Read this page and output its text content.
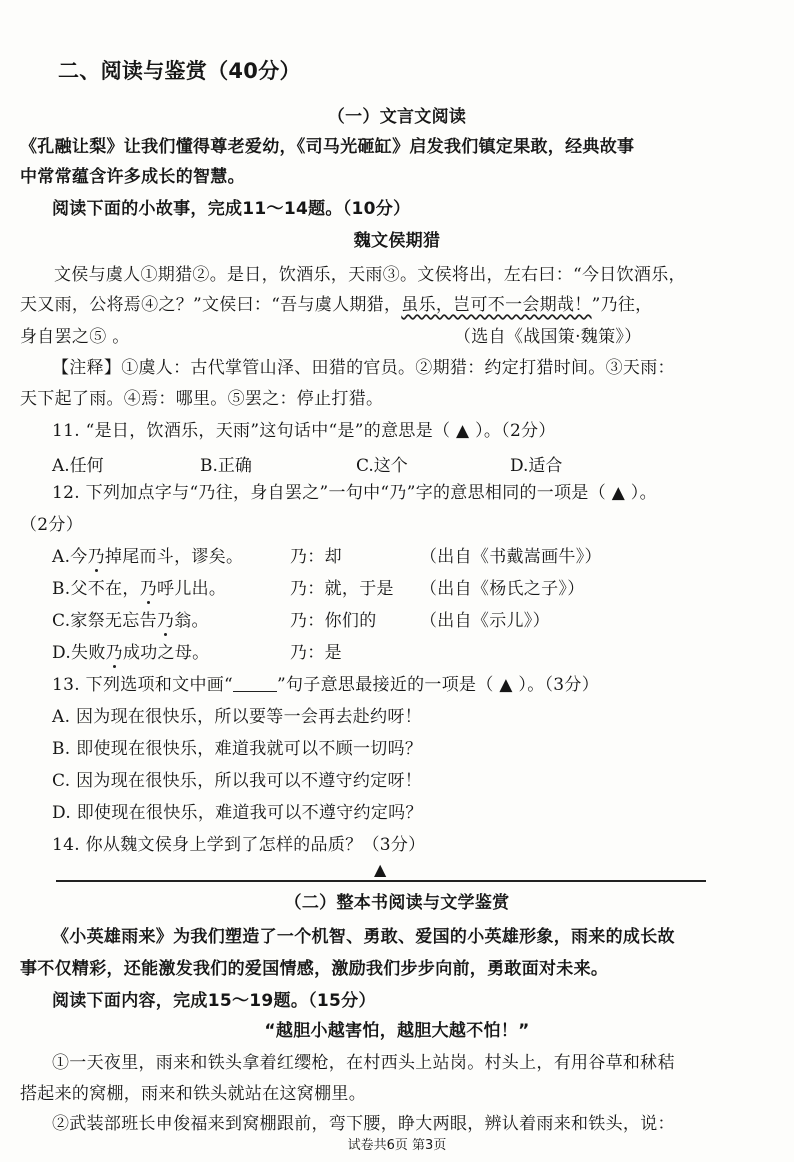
二、阅读与鉴赏（40分）
（一）文言文阅读
《孔融让梨》让我们懂得尊老爱幼，《司马光砸缸》启发我们镇定果敢，经典故事
中常常蕴含许多成长的智慧。
阅读下面的小故事，完成11～14题。（10分）
魏文侯期猎
文侯与虞人①期猎②。是日，饮酒乐，天雨③。文侯将出，左右曰：“今日饮酒乐，
天又雨，公将焉④之？”文侯曰：“吾与虞人期猎，虽乐，岂可不一会期哉！”乃往，
身自罢之⑤ 。	（选自《战国策·魏策》）
【注释】①虞人：古代掌管山泽、田猎的官员。②期猎：约定打猎时间。③天雨：
天下起了雨。④焉：哪里。⑤罢之：停止打猎。
11. “是日，饮酒乐，天雨”这句话中“是”的意思是（ ▲ ）。（2分）
A.任何	B.正确	C.这个	D.适合
12. 下列加点字与“乃往，身自罢之”一句中“乃”字的意思相同的一项是（ ▲ ）。
（2分）
A.今乃掉尾而斗，谬矣。	乃：却	（出自《书戴嵩画牛》）
B.父不在，乃呼儿出。	乃：就，于是 （出自《杨氏之子》）
C.家祭无忘告乃翁。	乃：你们的	（出自《示儿》）
D.失败乃成功之母。	乃：是
13. 下列选项和文中画“	”句子意思最接近的一项是（ ▲ ）。（3分）
A. 因为现在很快乐，所以要等一会再去赴约呀！
B. 即使现在很快乐，难道我就可以不顾一切吗？
C. 因为现在很快乐，所以我可以不遵守约定呀！
D. 即使现在很快乐，难道我可以不遵守约定吗？
14. 你从魏文侯身上学到了怎样的品质？（3分）
▲
（二）整本书阅读与文学鉴赏
《小英雄雨来》为我们塑造了一个机智、勇敢、爱国的小英雄形象，雨来的成长故
事不仅精彩，还能激发我们的爱国情感，激励我们步步向前，勇敢面对未来。
阅读下面内容，完成15～19题。（15分）
“越胆小越害怕，越胆大越不怕！”
①一天夜里，雨来和铁头拿着红缨枪，在村西头上站岗。村头上，有用谷草和秫秸
搭起来的窝棚，雨来和铁头就站在这窝棚里。
②武装部班长申俊福来到窝棚跟前，弯下腰，睁大两眼，辨认着雨来和铁头，说：
试卷共6页 第3页
